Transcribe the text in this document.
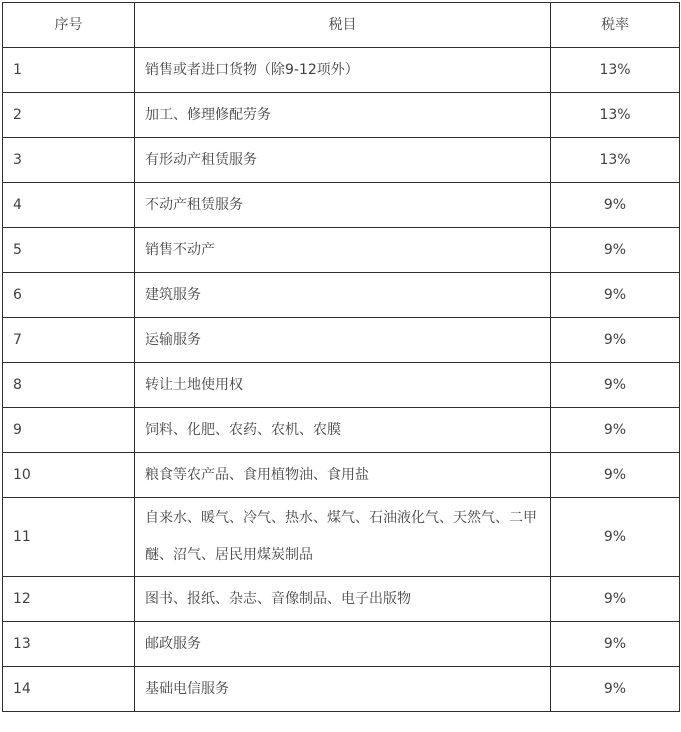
序号	税目	税率
1	销售或者进口货物（除9-12项外）	13%
2	加工、修理修配劳务	13%
3	有形动产租赁服务	13%
4	不动产租赁服务	9%
5	销售不动产	9%
6	建筑服务	9%
7	运输服务	9%
8	转让土地使用权	9%
9	饲料、化肥、农药、农机、农膜	9%
10	粮食等农产品、食用植物油、食用盐	9%
11	自来水、暖气、冷气、热水、煤气、石油液化气、天然气、二甲醚、沼气、居民用煤炭制品	9%
12	图书、报纸、杂志、音像制品、电子出版物	9%
13	邮政服务	9%
14	基础电信服务	9%
